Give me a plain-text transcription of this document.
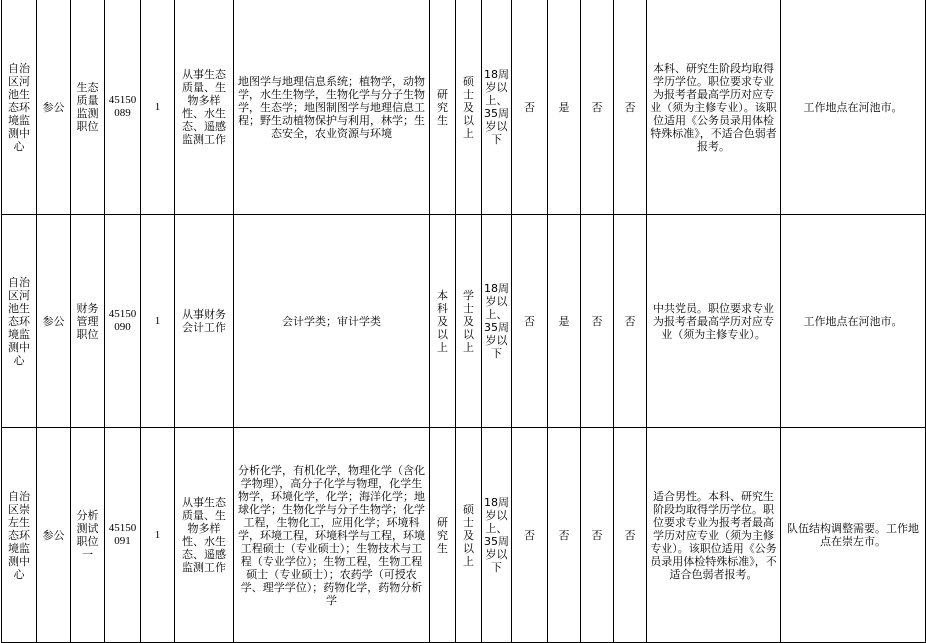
自治区河池生态环境监测中心	参公	生态质量监测职位	45150089	1	从事生态质量、生物多样性、水生态、遥感监测工作	地图学与地理信息系统；植物学，动物学，水生生物学，生物化学与分子生物学，生态学；地图制图学与地理信息工程；野生动植物保护与利用，林学；生态安全，农业资源与环境	研究生	硕士及以上	18周岁以上、35周岁以下	否	是	否	否	本科、研究生阶段均取得学历学位。职位要求专业为报考者最高学历对应专业（须为主修专业）。该职位适用《公务员录用体检特殊标准》，不适合色弱者报考。	工作地点在河池市。
自治区河池生态环境监测中心	参公	财务管理职位	45150090	1	从事财务会计工作	会计学类；审计学类	本科及以上	学士及以上	18周岁以上、35周岁以下	否	是	否	否	中共党员。职位要求专业为报考者最高学历对应专业（须为主修专业）。	工作地点在河池市。
自治区崇左生态环境监测中心	参公	分析测试职位一	45150091	1	从事生态质量、生物多样性、水生态、遥感监测工作	分析化学，有机化学，物理化学（含化学物理），高分子化学与物理，化学生物学，环境化学，化学；海洋化学；地球化学；生物化学与分子生物学；化学工程，生物化工，应用化学；环境科学，环境工程，环境科学与工程，环境工程硕士（专业硕士）；生物技术与工程（专业学位）；生物工程，生物工程硕士（专业硕士）；农药学（可授农学、理学学位）；药物化学，药物分析学	研究生	硕士及以上	18周岁以上、35周岁以下	否	否	否	否	适合男性。本科、研究生阶段均取得学历学位。职位要求专业为报考者最高学历对应专业（须为主修专业）。该职位适用《公务员录用体检特殊标准》，不适合色弱者报考。	队伍结构调整需要。工作地点在崇左市。
